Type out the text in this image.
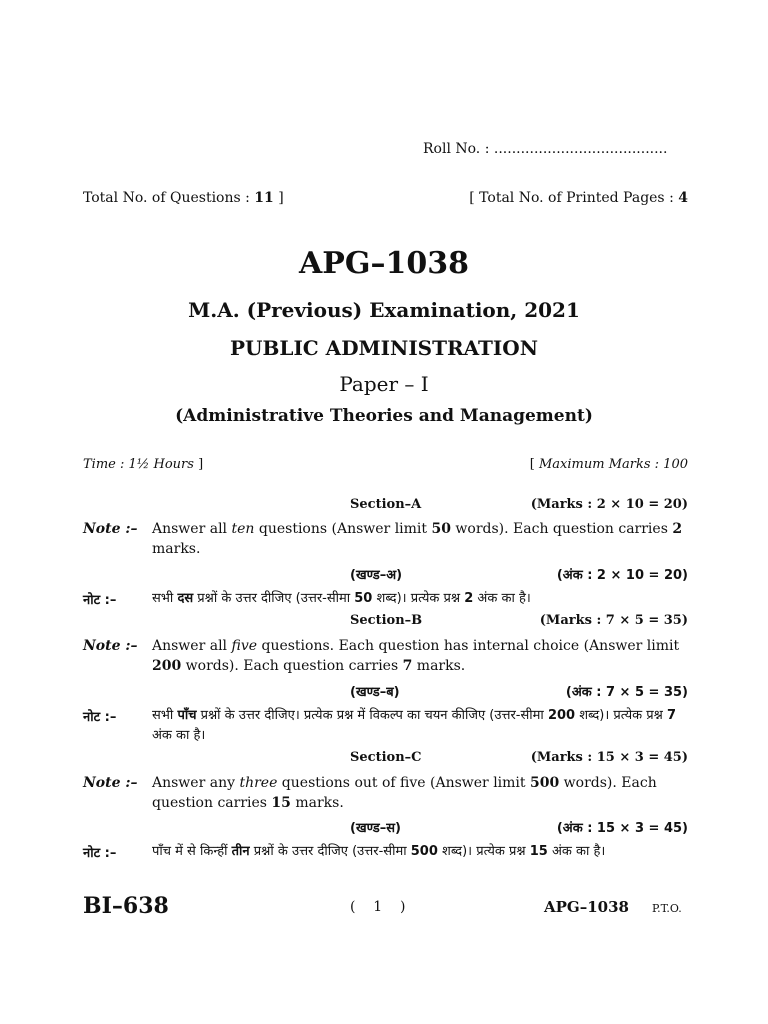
Roll No. : .......................................
Total No. of Questions : 11 ]	[ Total No. of Printed Pages : 4
APG–1038
M.A. (Previous) Examination, 2021
PUBLIC ADMINISTRATION
Paper – I
(Administrative Theories and Management)
Time : 1½ Hours ]	[ Maximum Marks : 100
Section–A	(Marks : 2 × 10 = 20)
Note :– Answer all ten questions (Answer limit 50 words). Each question carries 2 marks.
(खण्ड–अ)	(अंक : 2 × 10 = 20)
नोट :–	सभी दस प्रश्नों के उत्तर दीजिए (उत्तर-सीमा 50 शब्द)। प्रत्येक प्रश्न 2 अंक का है।
Section–B	(Marks : 7 × 5 = 35)
Note :– Answer all five questions. Each question has internal choice (Answer limit 200 words). Each question carries 7 marks.
(खण्ड–ब)	(अंक : 7 × 5 = 35)
नोट :–	सभी पाँच प्रश्नों के उत्तर दीजिए। प्रत्येक प्रश्न में विकल्प का चयन कीजिए (उत्तर-सीमा 200 शब्द)। प्रत्येक प्रश्न 7 अंक का है।
Section–C	(Marks : 15 × 3 = 45)
Note :– Answer any three questions out of five (Answer limit 500 words). Each question carries 15 marks.
(खण्ड–स)	(अंक : 15 × 3 = 45)
नोट :–	पाँच में से किन्हीं तीन प्रश्नों के उत्तर दीजिए (उत्तर-सीमा 500 शब्द)। प्रत्येक प्रश्न 15 अंक का है।
BI–638	( 1 )	APG–1038 P.T.O.
